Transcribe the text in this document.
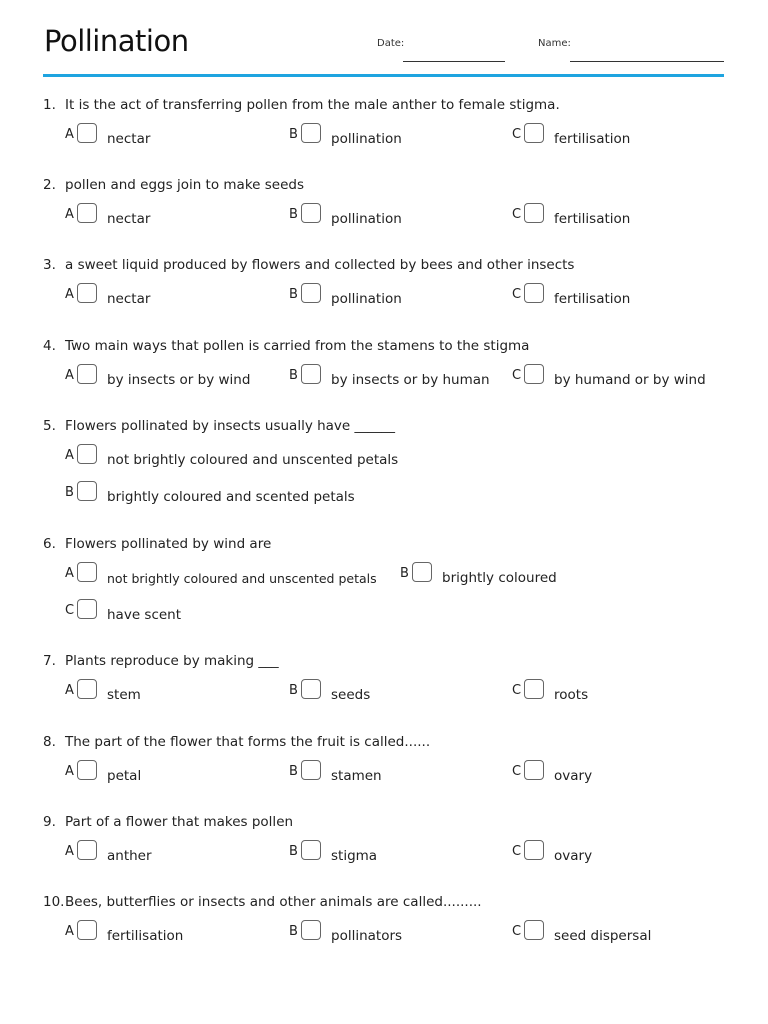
Pollination	Date:	Name:
1. It is the act of transferring pollen from the male anther to female stigma.
A nectar	B pollination	C fertilisation
2. pollen and eggs join to make seeds
A nectar	B pollination	C fertilisation
3. a sweet liquid produced by flowers and collected by bees and other insects
A nectar	B pollination	C fertilisation
4. Two main ways that pollen is carried from the stamens to the stigma
A by insects or by wind	B by insects or by human C by humand or by wind
5. Flowers pollinated by insects usually have ______
A not brightly coloured and unscented petals
B brightly coloured and scented petals
6. Flowers pollinated by wind are
A	not brightly coloured and unscented petals B brightly coloured
C have scent
7. Plants reproduce by making ___
A stem	B seeds	C roots
8. The part of the flower that forms the fruit is called......
A petal	B stamen	C ovary
9. Part of a flower that makes pollen
A anther	B stigma	C ovary
10.Bees, butterflies or insects and other animals are called.........
A fertilisation	B pollinators	C seed dispersal
